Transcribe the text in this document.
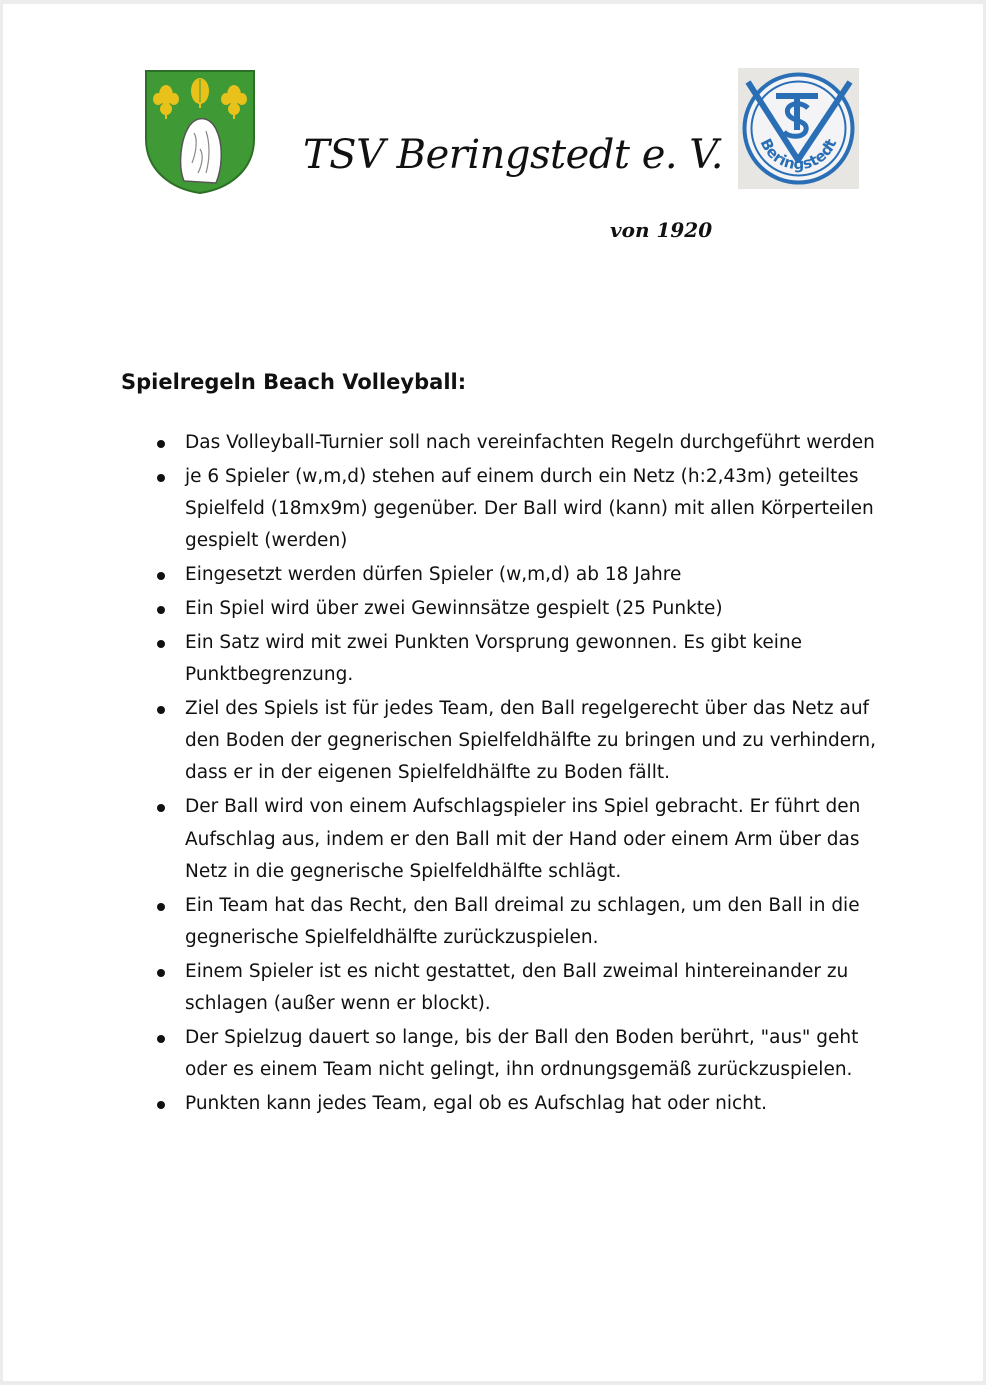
TSV Beringstedt e. V.
von 1920
Beringstedt
Spielregeln Beach Volleyball:
Das Volleyball-Turnier soll nach vereinfachten Regeln durchgeführt werden
je 6 Spieler (w,m,d) stehen auf einem durch ein Netz (h:2,43m) geteiltes Spielfeld (18mx9m) gegenüber. Der Ball wird (kann) mit allen Körperteilen gespielt (werden)
Eingesetzt werden dürfen Spieler (w,m,d) ab 18 Jahre
Ein Spiel wird über zwei Gewinnsätze gespielt (25 Punkte)
Ein Satz wird mit zwei Punkten Vorsprung gewonnen. Es gibt keine Punktbegrenzung.
Ziel des Spiels ist für jedes Team, den Ball regelgerecht über das Netz auf den Boden der gegnerischen Spielfeldhälfte zu bringen und zu verhindern, dass er in der eigenen Spielfeldhälfte zu Boden fällt.
Der Ball wird von einem Aufschlagspieler ins Spiel gebracht. Er führt den Aufschlag aus, indem er den Ball mit der Hand oder einem Arm über das Netz in die gegnerische Spielfeldhälfte schlägt.
Ein Team hat das Recht, den Ball dreimal zu schlagen, um den Ball in die gegnerische Spielfeldhälfte zurückzuspielen.
Einem Spieler ist es nicht gestattet, den Ball zweimal hintereinander zu schlagen (außer wenn er blockt).
Der Spielzug dauert so lange, bis der Ball den Boden berührt, "aus" geht oder es einem Team nicht gelingt, ihn ordnungsgemäß zurückzuspielen.
Punkten kann jedes Team, egal ob es Aufschlag hat oder nicht.
